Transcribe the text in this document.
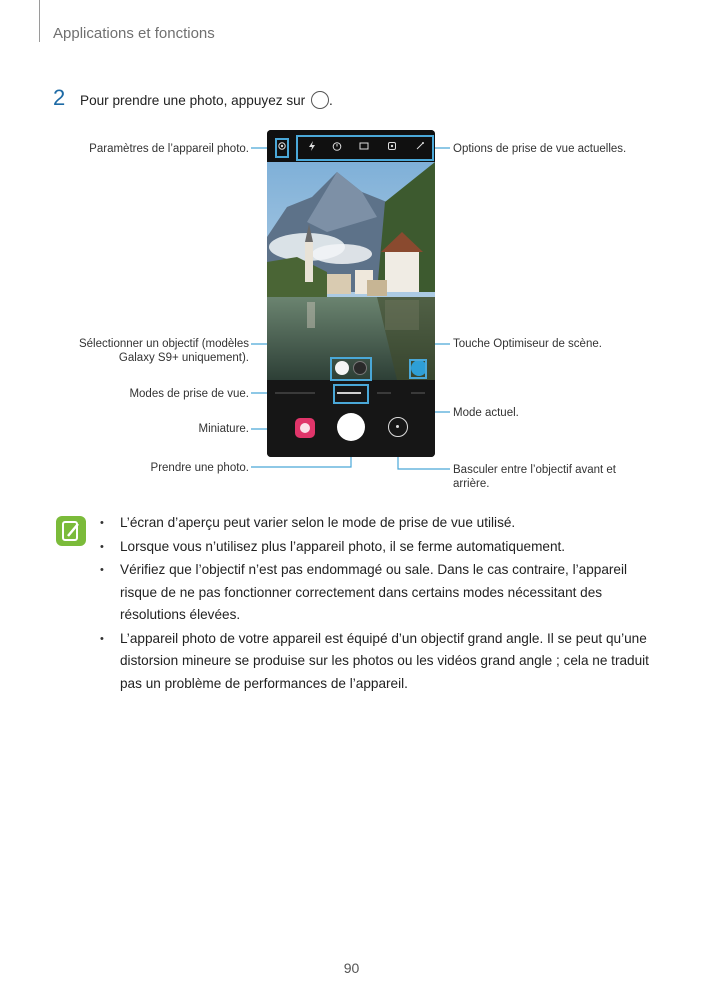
Applications et fonctions
2 Pour prendre une photo, appuyez sur .
Paramètres de l’appareil photo.
Sélectionner un objectif (modèles Galaxy S9+ uniquement).
Modes de prise de vue.
Miniature.
Prendre une photo.
Options de prise de vue actuelles.
Touche Optimiseur de scène.
Mode actuel.
Basculer entre l’objectif avant et arrière.
• L’écran d’aperçu peut varier selon le mode de prise de vue utilisé.
• Lorsque vous n’utilisez plus l’appareil photo, il se ferme automatiquement.
• Vérifiez que l’objectif n’est pas endommagé ou sale. Dans le cas contraire, l’appareil risque de ne pas fonctionner correctement dans certains modes nécessitant des résolutions élevées.
• L’appareil photo de votre appareil est équipé d’un objectif grand angle. Il se peut qu’une distorsion mineure se produise sur les photos ou les vidéos grand angle ; cela ne traduit pas un problème de performances de l’appareil.
90
